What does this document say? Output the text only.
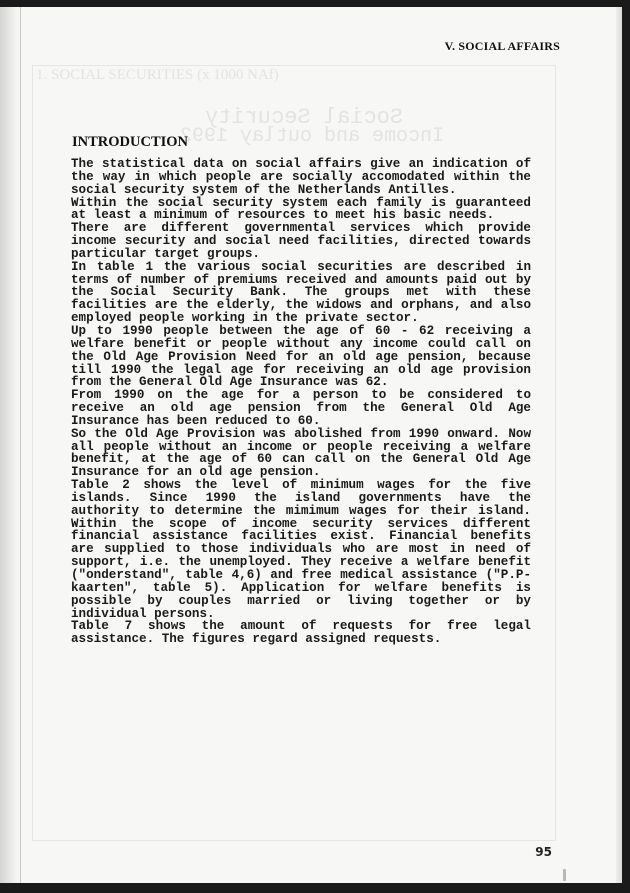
1. SOCIAL SECURITIES (x 1000 NAf)
Social Security
Income and outlay 1992
V. SOCIAL AFFAIRS
INTRODUCTION

The statistical data on social affairs give an indication of the way in which people are socially accomodated within the social security system of the Netherlands Antilles.

Within the social security system each family is guaranteed at least a minimum of resources to meet his basic needs.

There are different governmental services which provide income security and social need facilities, directed towards particular target groups.

In table 1 the various social securities are described in terms of number of premiums received and amounts paid out by the Social Security Bank. The groups met with these facilities are the elderly, the widows and orphans, and also employed people working in the private sector.

Up to 1990 people between the age of 60 - 62 receiving a welfare benefit or people without any income could call on the Old Age Provision Need for an old age pension, because till 1990 the legal age for receiving an old age provision from the General Old Age Insurance was 62.

From 1990 on the age for a person to be considered to receive an old age pension from the General Old Age Insurance has been reduced to 60.

So the Old Age Provision was abolished from 1990 onward. Now all people without an income or people receiving a welfare benefit, at the age of 60 can call on the General Old Age Insurance for an old age pension.

Table 2 shows the level of minimum wages for the five islands. Since 1990 the island governments have the authority to determine the mimimum wages for their island. Within the scope of income security services different financial assistance facilities exist. Financial benefits are supplied to those individuals who are most in need of support, i.e. the unemployed. They receive a welfare benefit ("onderstand", table 4,6) and free medical assistance ("P.P-kaarten", table 5). Application for welfare benefits is possible by couples married or living together or by individual persons.

Table 7 shows the amount of requests for free legal assistance. The figures regard assigned requests.

95
